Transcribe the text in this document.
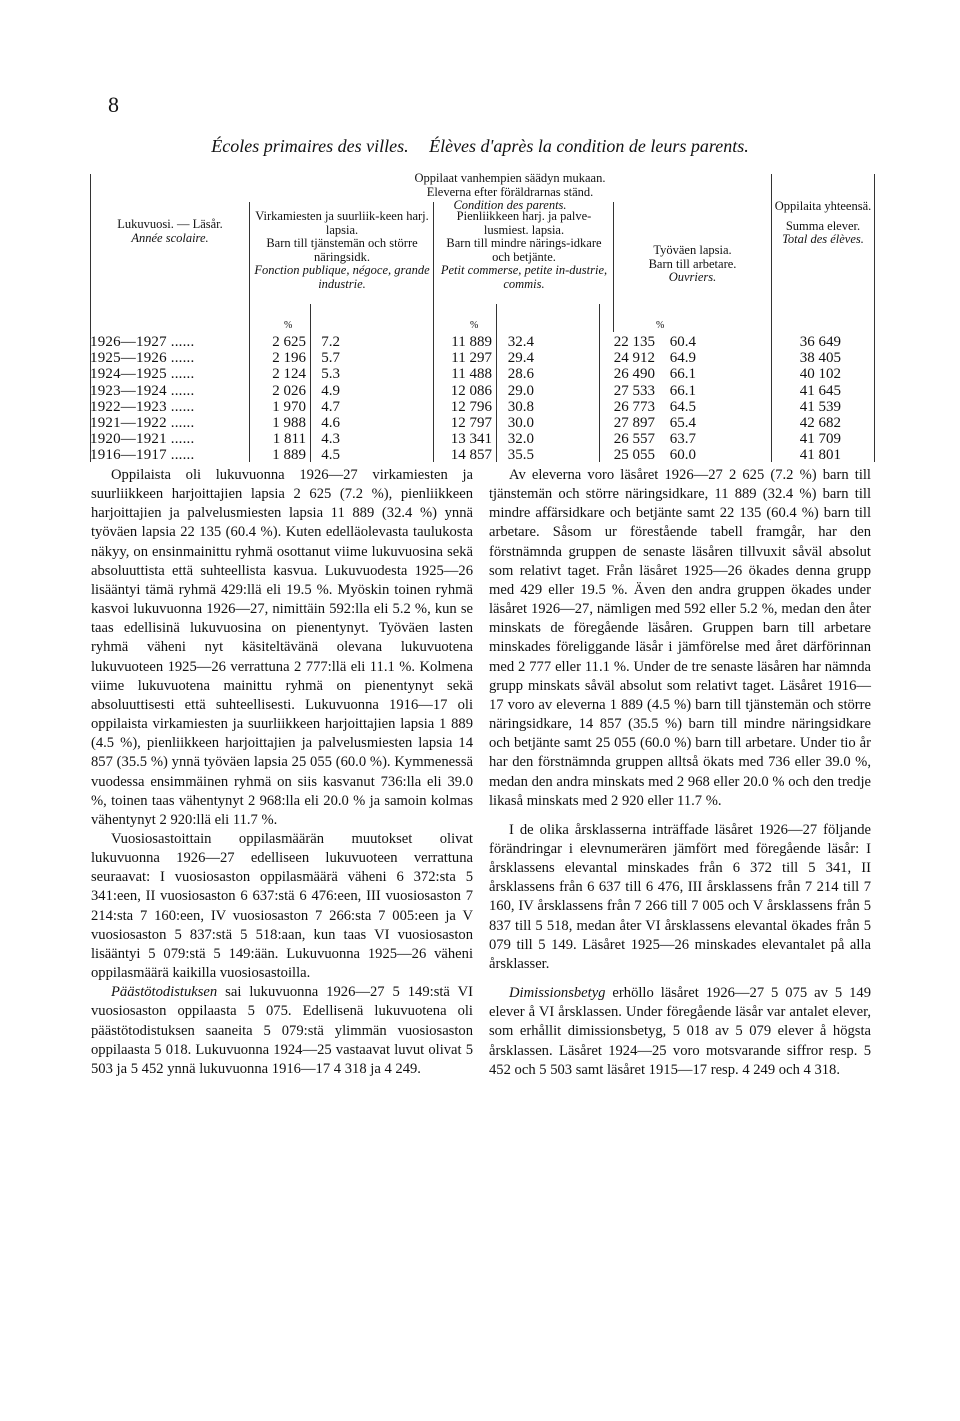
8
Écoles primaires des villes. Élèves d'après la condition de leurs parents.
Lukuvuosi. — Läsår.
Année scolaire.
Oppilaat vanhempien säädyn mukaan.
Eleverna efter föräldrarnas ständ.
Condition des parents.
Virkamiesten ja suurliik-keen harj. lapsia.
Barn till tjänstemän och större näringsidk.
Fonction publique, négoce, grande industrie.
Pienliikkeen harj. ja palve-lusmiest. lapsia.
Barn till mindre närings-idkare och betjänte.
Petit commerse, petite in-dustrie, commis.
Työväen lapsia.
Barn till arbetare.
Ouvriers.
Oppilaita yhteensä.
Summa elever.
Total des élèves.
%	%	%
1926—1927 ......	2 625	7.2	11 889	32.4	22 135 60.4	36 649
1925—1926 ......	2 196	5.7	11 297	29.4	24 912 64.9	38 405
1924—1925 ......	2 124	5.3	11 488	28.6	26 490 66.1	40 102
1923—1924 ......	2 026	4.9	12 086	29.0	27 533 66.1	41 645
1922—1923 ......	1 970	4.7	12 796	30.8	26 773 64.5	41 539
1921—1922 ......	1 988	4.6	12 797	30.0	27 897 65.4	42 682
1920—1921 ......	1 811	4.3	13 341	32.0	26 557 63.7	41 709
1916—1917 ......	1 889	4.5	14 857	35.5	25 055 60.0	41 801

Oppilaista oli lukuvuonna 1926—27 virkamiesten ja suurliikkeen harjoittajien lapsia 2 625 (7.2 %), pienliikkeen harjoittajien ja palvelusmiesten lapsia 11 889 (32.4 %) ynnä työväen lapsia 22 135 (60.4 %). Kuten edelläolevasta taulukosta näkyy, on ensinmainittu ryhmä osottanut viime lukuvuosina sekä absoluuttista että suhteellista kasvua. Lukuvuodesta 1925—26 lisääntyi tämä ryhmä 429:llä eli 19.5 %. Myöskin toinen ryhmä kasvoi lukuvuonna 1926—27, nimittäin 592:lla eli 5.2 %, kun se taas edellisinä lukuvuosina on pienentynyt. Työväen lasten ryhmä väheni nyt käsiteltävänä olevana lukuvuotena lukuvuoteen 1925—26 verrattuna 2 777:llä eli 11.1 %. Kolmena viime lukuvuotena mainittu ryhmä on pienentynyt sekä absoluuttisesti että suhteellisesti. Lukuvuonna 1916—17 oli oppilaista virkamiesten ja suurliikkeen harjoittajien lapsia 1 889 (4.5 %), pienliikkeen harjoittajien ja palvelusmiesten lapsia 14 857 (35.5 %) ynnä työväen lapsia 25 055 (60.0 %). Kymmenessä vuodessa ensimmäinen ryhmä on siis kasvanut 736:lla eli 39.0 %, toinen taas vähentynyt 2 968:lla eli 20.0 % ja samoin kolmas vähentynyt 2 920:llä eli 11.7 %.

Vuosiosastoittain oppilasmäärän muutokset olivat lukuvuonna 1926—27 edelliseen lukuvuoteen verrattuna seuraavat: I vuosiosaston oppilasmäärä väheni 6 372:sta 5 341:een, II vuosiosaston 6 637:stä 6 476:een, III vuosiosaston 7 214:sta 7 160:een, IV vuosiosaston 7 266:sta 7 005:een ja V vuosiosaston 5 837:stä 5 518:aan, kun taas VI vuosiosaston lisääntyi 5 079:stä 5 149:ään. Lukuvuonna 1925—26 väheni oppilasmäärä kaikilla vuosiosastoilla.

Päästötodistuksen sai lukuvuonna 1926—27 5 149:stä VI vuosiosaston oppilaasta 5 075. Edellisenä lukuvuotena oli päästötodistuksen saaneita 5 079:stä ylimmän vuosiosaston oppilaasta 5 018. Lukuvuonna 1924—25 vastaavat luvut olivat 5 503 ja 5 452 ynnä lukuvuonna 1916—17 4 318 ja 4 249.

Av eleverna voro läsåret 1926—27 2 625 (7.2 %) barn till tjänstemän och större näringsidkare, 11 889 (32.4 %) barn till mindre affärsidkare och betjänte samt 22 135 (60.4 %) barn till arbetare. Såsom ur förestående tabell framgår, har den förstnämnda gruppen de senaste läsåren tillvuxit såväl absolut som relativt taget. Från läsåret 1925—26 ökades denna grupp med 429 eller 19.5 %. Även den andra gruppen ökades under läsåret 1926—27, nämligen med 592 eller 5.2 %, medan den åter minskats de föregående läsåren. Gruppen barn till arbetare minskades föreliggande läsår i jämförelse med året därförinnan med 2 777 eller 11.1 %. Under de tre senaste läsåren har nämnda grupp minskats såväl absolut som relativt taget. Läsåret 1916—17 voro av eleverna 1 889 (4.5 %) barn till tjänstemän och större näringsidkare, 14 857 (35.5 %) barn till mindre näringsidkare och betjänte samt 25 055 (60.0 %) barn till arbetare. Under tio år har den förstnämnda gruppen alltså ökats med 736 eller 39.0 %, medan den andra minskats med 2 968 eller 20.0 % och den tredje likaså minskats med 2 920 eller 11.7 %.

I de olika årsklasserna inträffade läsåret 1926—27 följande förändringar i elevnumerären jämfört med föregående läsår: I årsklassens elevantal minskades från 6 372 till 5 341, II årsklassens från 6 637 till 6 476, III årsklassens från 7 214 till 7 160, IV årsklassens från 7 266 till 7 005 och V årsklassens från 5 837 till 5 518, medan åter VI årsklassens elevantal ökades från 5 079 till 5 149. Läsåret 1925—26 minskades elevantalet på alla årsklasser.

Dimissionsbetyg erhöllo läsåret 1926—27 5 075 av 5 149 elever å VI årsklassen. Under föregående läsår var antalet elever, som erhållit dimissionsbetyg, 5 018 av 5 079 elever å högsta årsklassen. Läsåret 1924—25 voro motsvarande siffror resp. 5 452 och 5 503 samt läsåret 1915—17 resp. 4 249 och 4 318.
